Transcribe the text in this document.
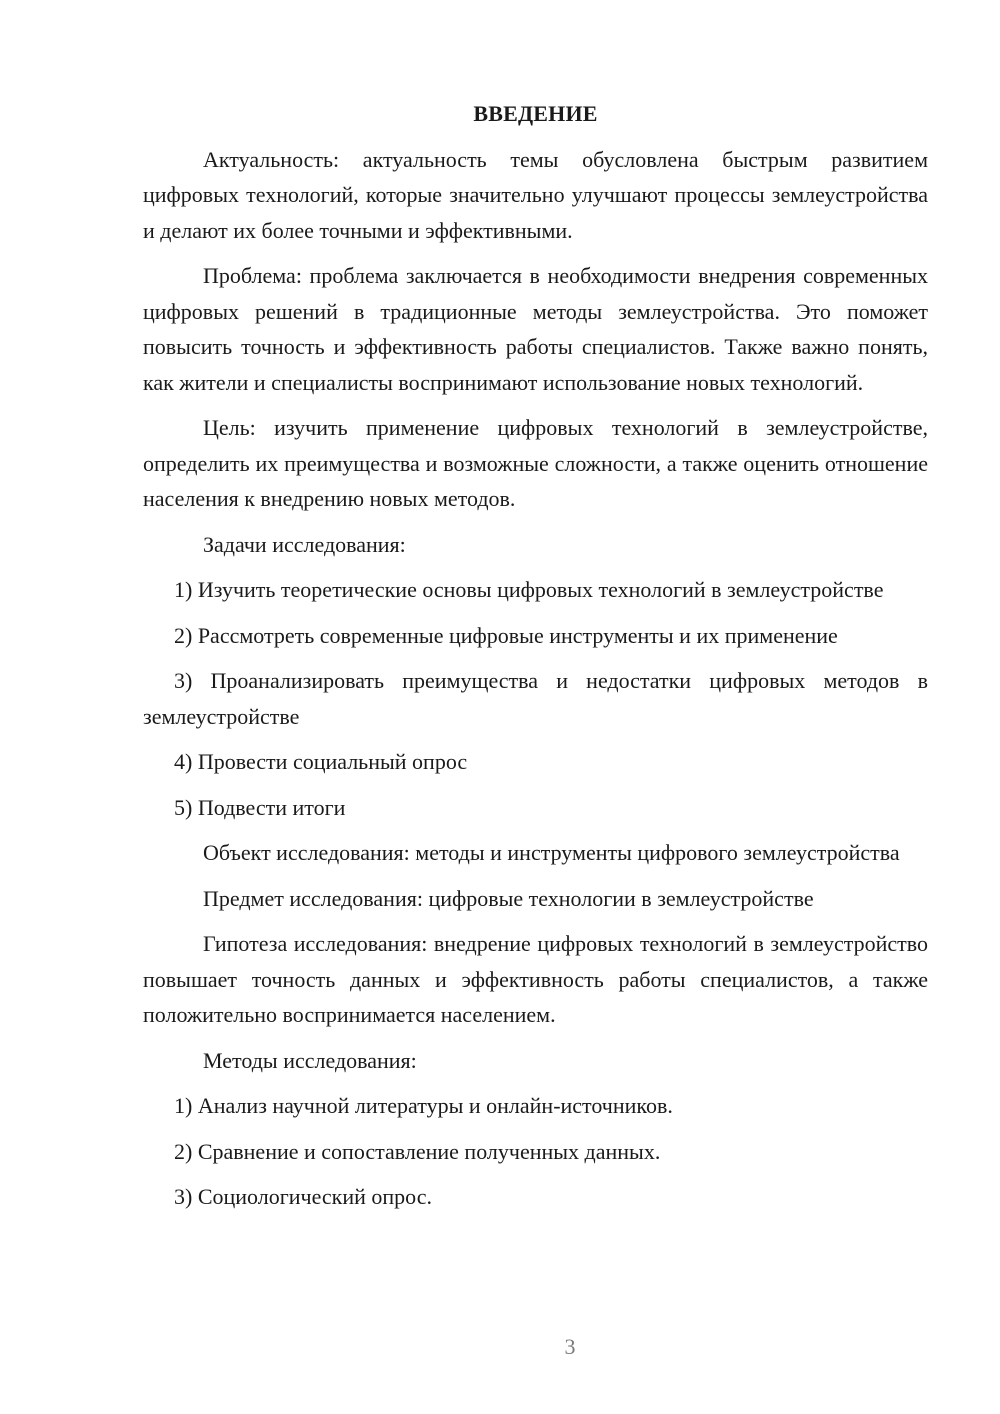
ВВЕДЕНИЕ

Актуальность: актуальность темы обусловлена быстрым развитием цифровых технологий, которые значительно улучшают процессы землеустройства и делают их более точными и эффективными.

Проблема: проблема заключается в необходимости внедрения современных цифровых решений в традиционные методы землеустройства. Это поможет повысить точность и эффективность работы специалистов. Также важно понять, как жители и специалисты воспринимают использование новых технологий.

Цель: изучить применение цифровых технологий в землеустройстве, определить их преимущества и возможные сложности, а также оценить отношение населения к внедрению новых методов.

Задачи исследования:

1) Изучить теоретические основы цифровых технологий в землеустройстве

2) Рассмотреть современные цифровые инструменты и их применение

3) Проанализировать преимущества и недостатки цифровых методов в землеустройстве

4) Провести социальный опрос

5) Подвести итоги

Объект исследования: методы и инструменты цифрового землеустройства

Предмет исследования: цифровые технологии в землеустройстве

Гипотеза исследования: внедрение цифровых технологий в землеустройство повышает точность данных и эффективность работы специалистов, а также положительно воспринимается населением.

Методы исследования:

1) Анализ научной литературы и онлайн-источников.

2) Сравнение и сопоставление полученных данных.

3) Социологический опрос.

3
